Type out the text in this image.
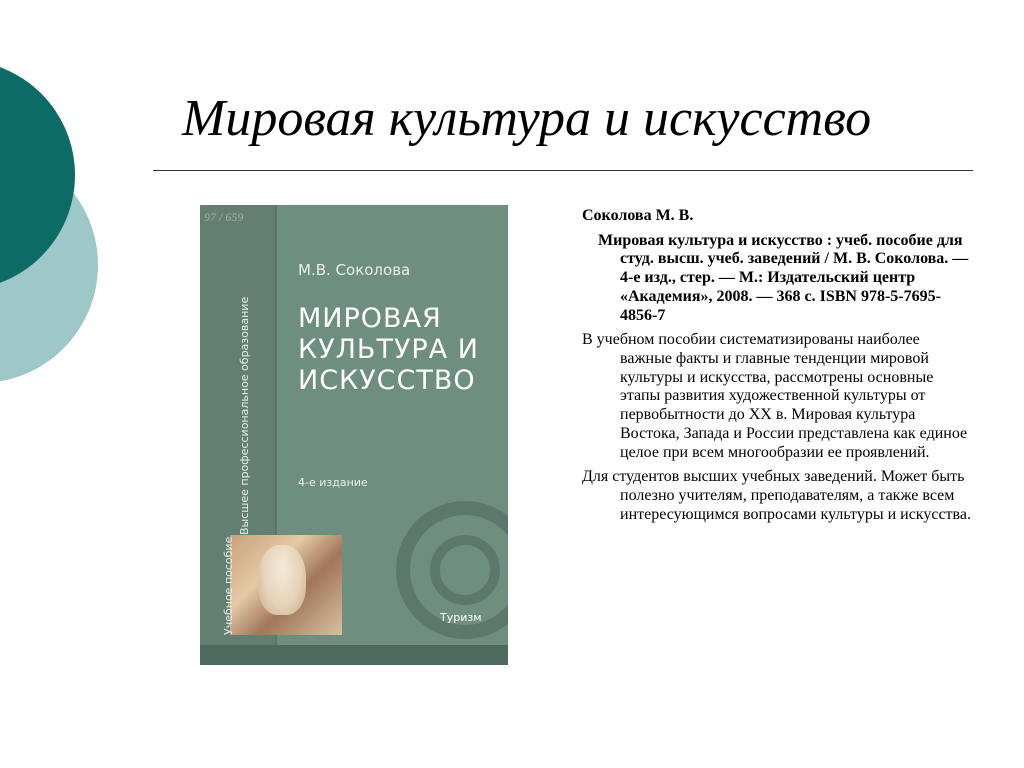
Мировая культура и искусство
97 / 659
М.В. Соколова
МИРОВАЯ КУЛЬТУРА И ИСКУССТВО
4-е издание
Высшее профессиональное образование
Учебное пособие	Туризм
Соколова М. В.
Мировая культура и искусство : учеб. пособие для студ. высш. учеб. заведений / М. В. Соколова. — 4-е изд., стер. — М.: Издательский центр «Академия», 2008. — 368 с. ISBN 978-5-7695-4856-7
В учебном пособии систематизированы наиболее важные факты и главные тенденции мировой культуры и искусства, рассмотрены основные этапы развития художественной культуры от первобытности до XX в. Мировая культура Востока, Запада и России представлена как единое целое при всем многообразии ее проявлений.
Для студентов высших учебных заведений. Может быть полезно учителям, преподавателям, а также всем интересующимся вопросами культуры и искусства.
